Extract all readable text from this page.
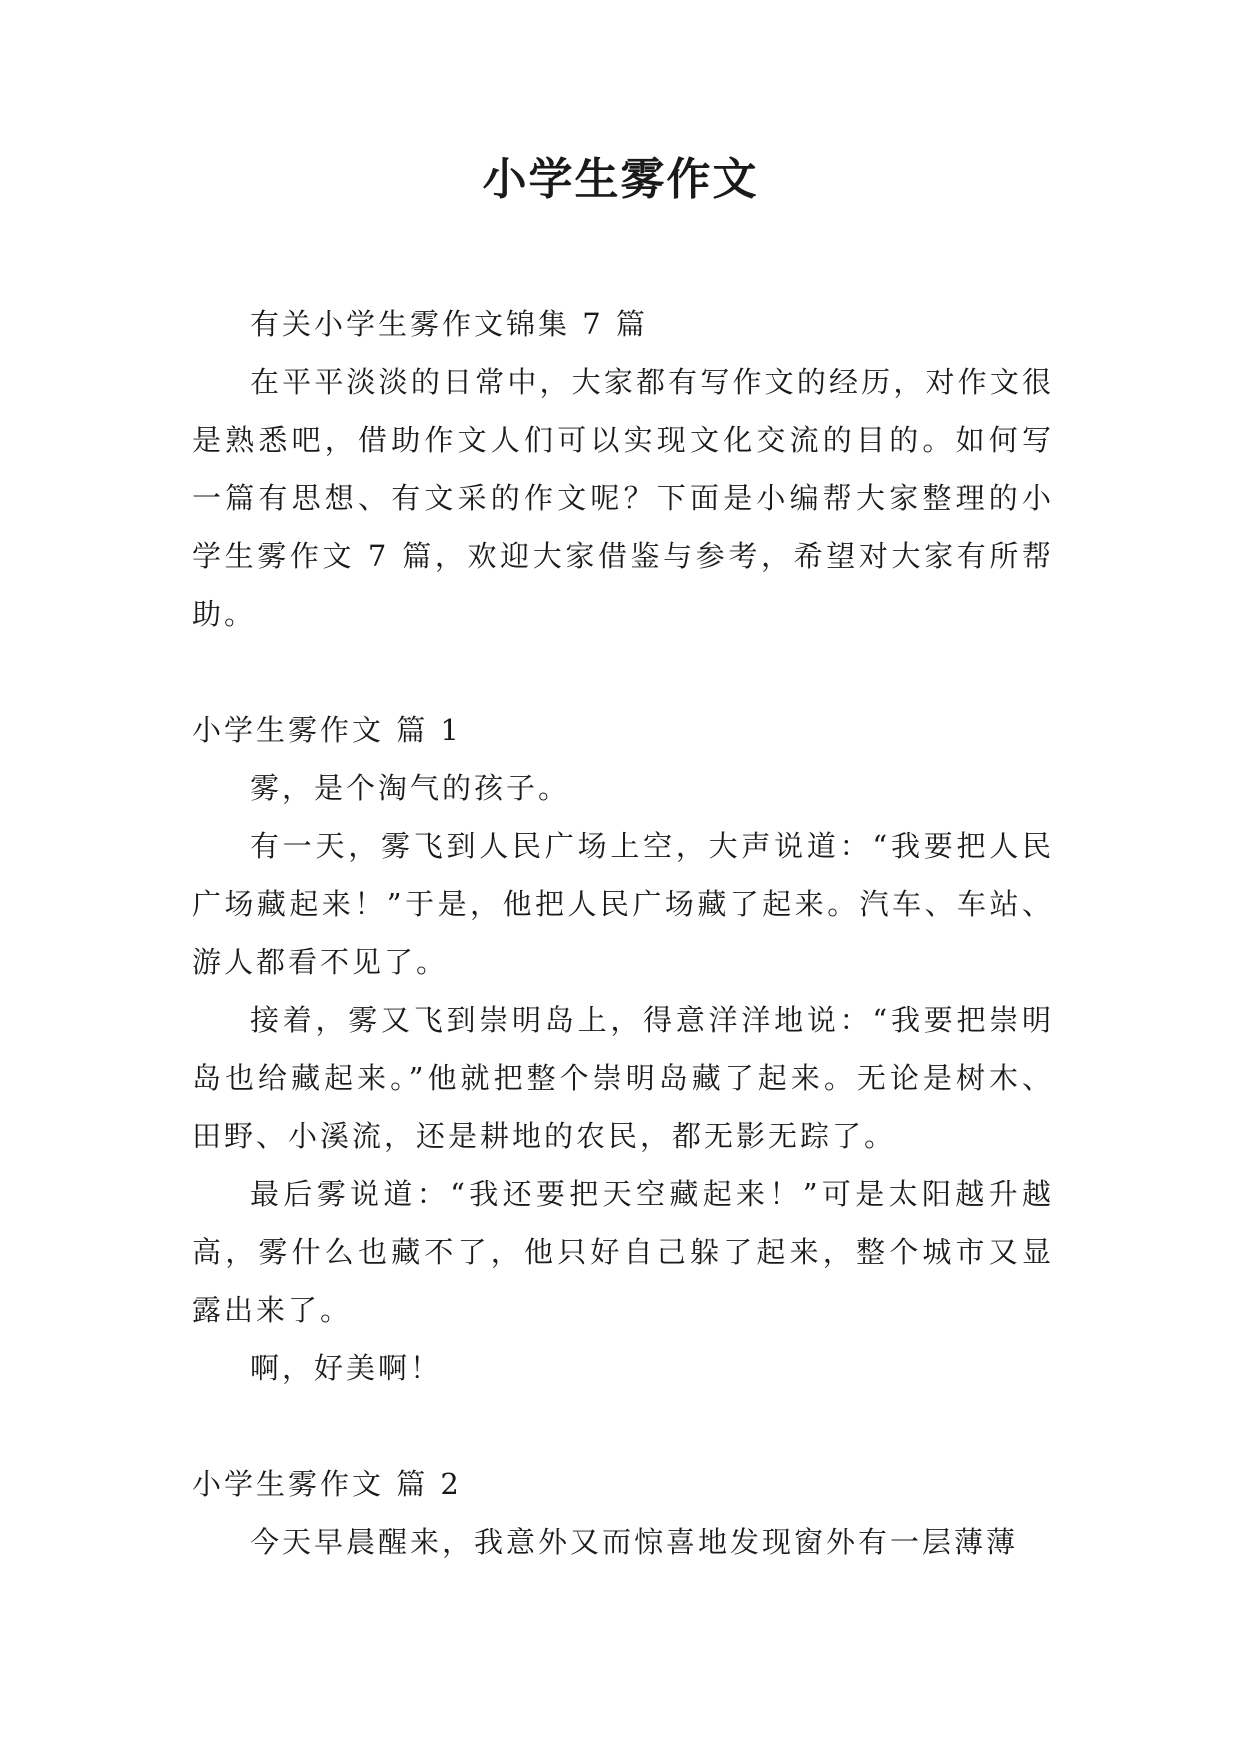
小学生雾作文

有关小学生雾作文锦集 7 篇

在平平淡淡的日常中，大家都有写作文的经历，对作文很是熟悉吧，借助作文人们可以实现文化交流的目的。如何写一篇有思想、有文采的作文呢？下面是小编帮大家整理的小学生雾作文 7 篇，欢迎大家借鉴与参考，希望对大家有所帮助。

小学生雾作文 篇 1

雾，是个淘气的孩子。

有一天，雾飞到人民广场上空，大声说道：“我要把人民广场藏起来！”于是，他把人民广场藏了起来。汽车、车站、游人都看不见了。

接着，雾又飞到崇明岛上，得意洋洋地说：“我要把崇明岛也给藏起来。”他就把整个崇明岛藏了起来。无论是树木、田野、小溪流，还是耕地的农民，都无影无踪了。

最后雾说道：“我还要把天空藏起来！”可是太阳越升越高，雾什么也藏不了，他只好自己躲了起来，整个城市又显露出来了。

啊，好美啊！

小学生雾作文 篇 2

今天早晨醒来，我意外又而惊喜地发现窗外有一层薄薄
